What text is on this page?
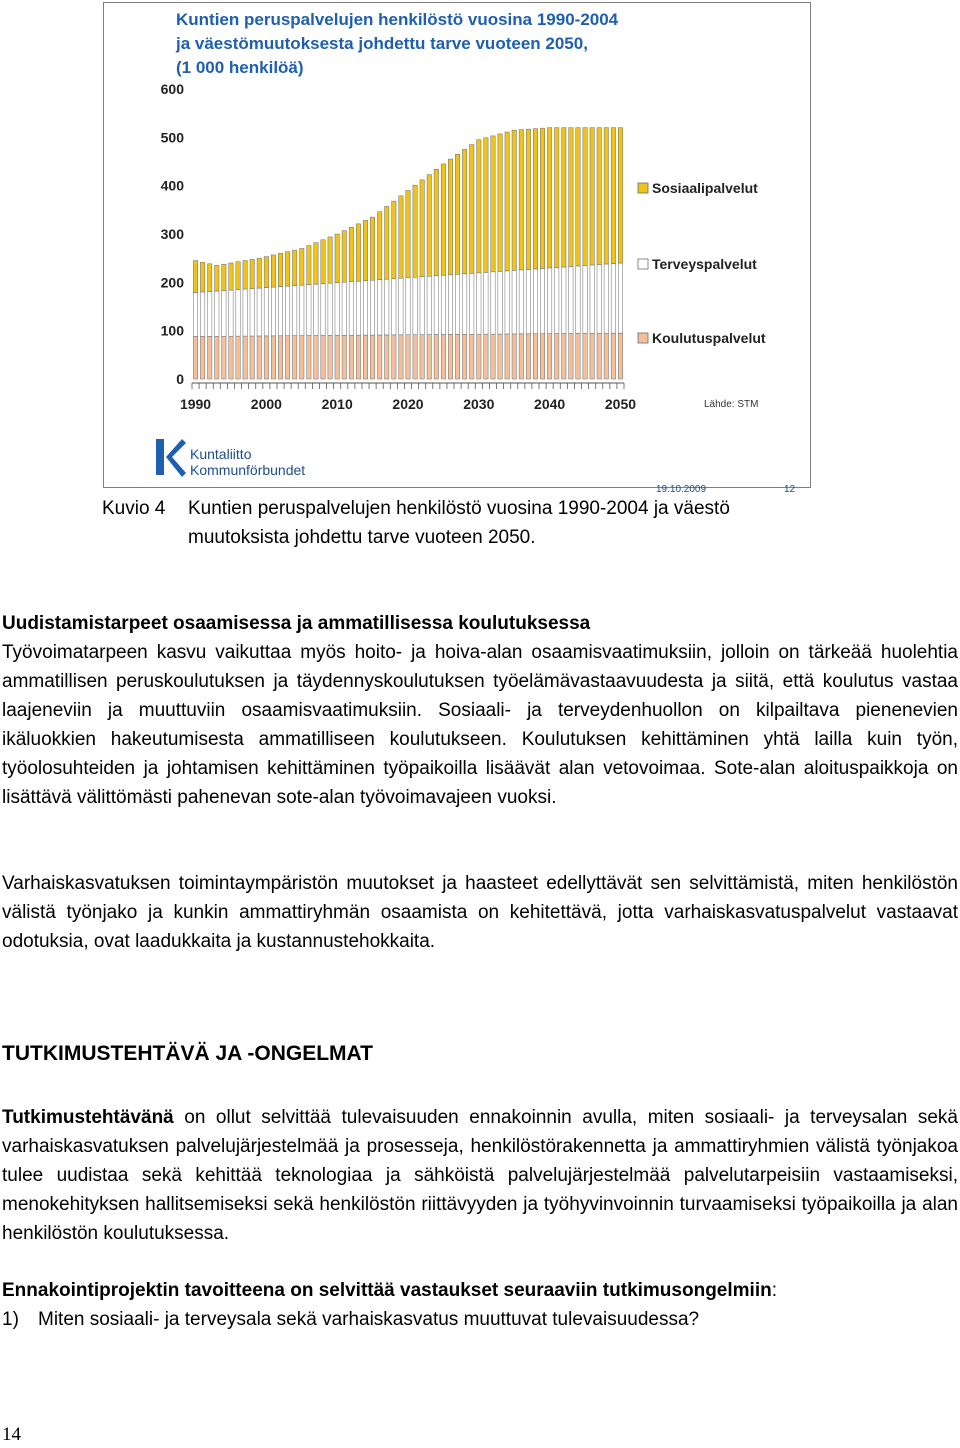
Kuntien peruspalvelujen henkilöstö vuosina 1990-2004
ja väestömuutoksesta johdettu tarve vuoteen 2050,
(1 000 henkilöä)
0
100
200
300
400
500
600
1990	2000	2010	2020	2030	2040	2050
Sosiaalipalvelut
Terveyspalvelut
Koulutuspalvelut
Lähde: STM
Kuntaliitto
Kommunförbundet
19.10.2009	12
Kuvio 4 Kuntien peruspalvelujen henkilöstö vuosina 1990-2004 ja väestö
muutoksista johdettu tarve vuoteen 2050.
Uudistamistarpeet osaamisessa ja ammatillisessa koulutuksessa

Työvoimatarpeen kasvu vaikuttaa myös hoito- ja hoiva-alan osaamisvaatimuksiin, jolloin on tärkeää huolehtia ammatillisen peruskoulutuksen ja täydennyskoulutuksen työelämävastaavuudesta ja siitä, että koulutus vastaa laajeneviin ja muuttuviin osaamisvaatimuksiin. Sosiaali- ja terveydenhuollon on kilpailtava pienenevien ikäluokkien hakeutumisesta ammatilliseen koulutukseen. Koulutuksen kehittäminen yhtä lailla kuin työn, työolosuhteiden ja johtamisen kehittäminen työpaikoilla lisäävät alan vetovoimaa. Sote-alan aloituspaikkoja on lisättävä välittömästi pahenevan sote-alan työvoimavajeen vuoksi.

Varhaiskasvatuksen toimintaympäristön muutokset ja haasteet edellyttävät sen selvittämistä, miten henkilöstön välistä työnjako ja kunkin ammattiryhmän osaamista on kehitettävä, jotta varhaiskasvatuspalvelut vastaavat odotuksia, ovat laadukkaita ja kustannustehokkaita.

TUTKIMUSTEHTÄVÄ JA -ONGELMAT

Tutkimustehtävänä on ollut selvittää tulevaisuuden ennakoinnin avulla, miten sosiaali- ja terveysalan sekä varhaiskasvatuksen palvelujärjestelmää ja prosesseja, henkilöstörakennetta ja ammattiryhmien välistä työnjakoa tulee uudistaa sekä kehittää teknologiaa ja sähköistä palvelujärjestelmää palvelutarpeisiin vastaamiseksi, menokehityksen hallitsemiseksi sekä henkilöstön riittävyyden ja työhyvinvoinnin turvaamiseksi työpaikoilla ja alan henkilöstön koulutuksessa.

Ennakointiprojektin tavoitteena on selvittää vastaukset seuraaviin tutkimusongelmiin:

1) Miten sosiaali- ja terveysala sekä varhaiskasvatus muuttuvat tulevaisuudessa?
14
